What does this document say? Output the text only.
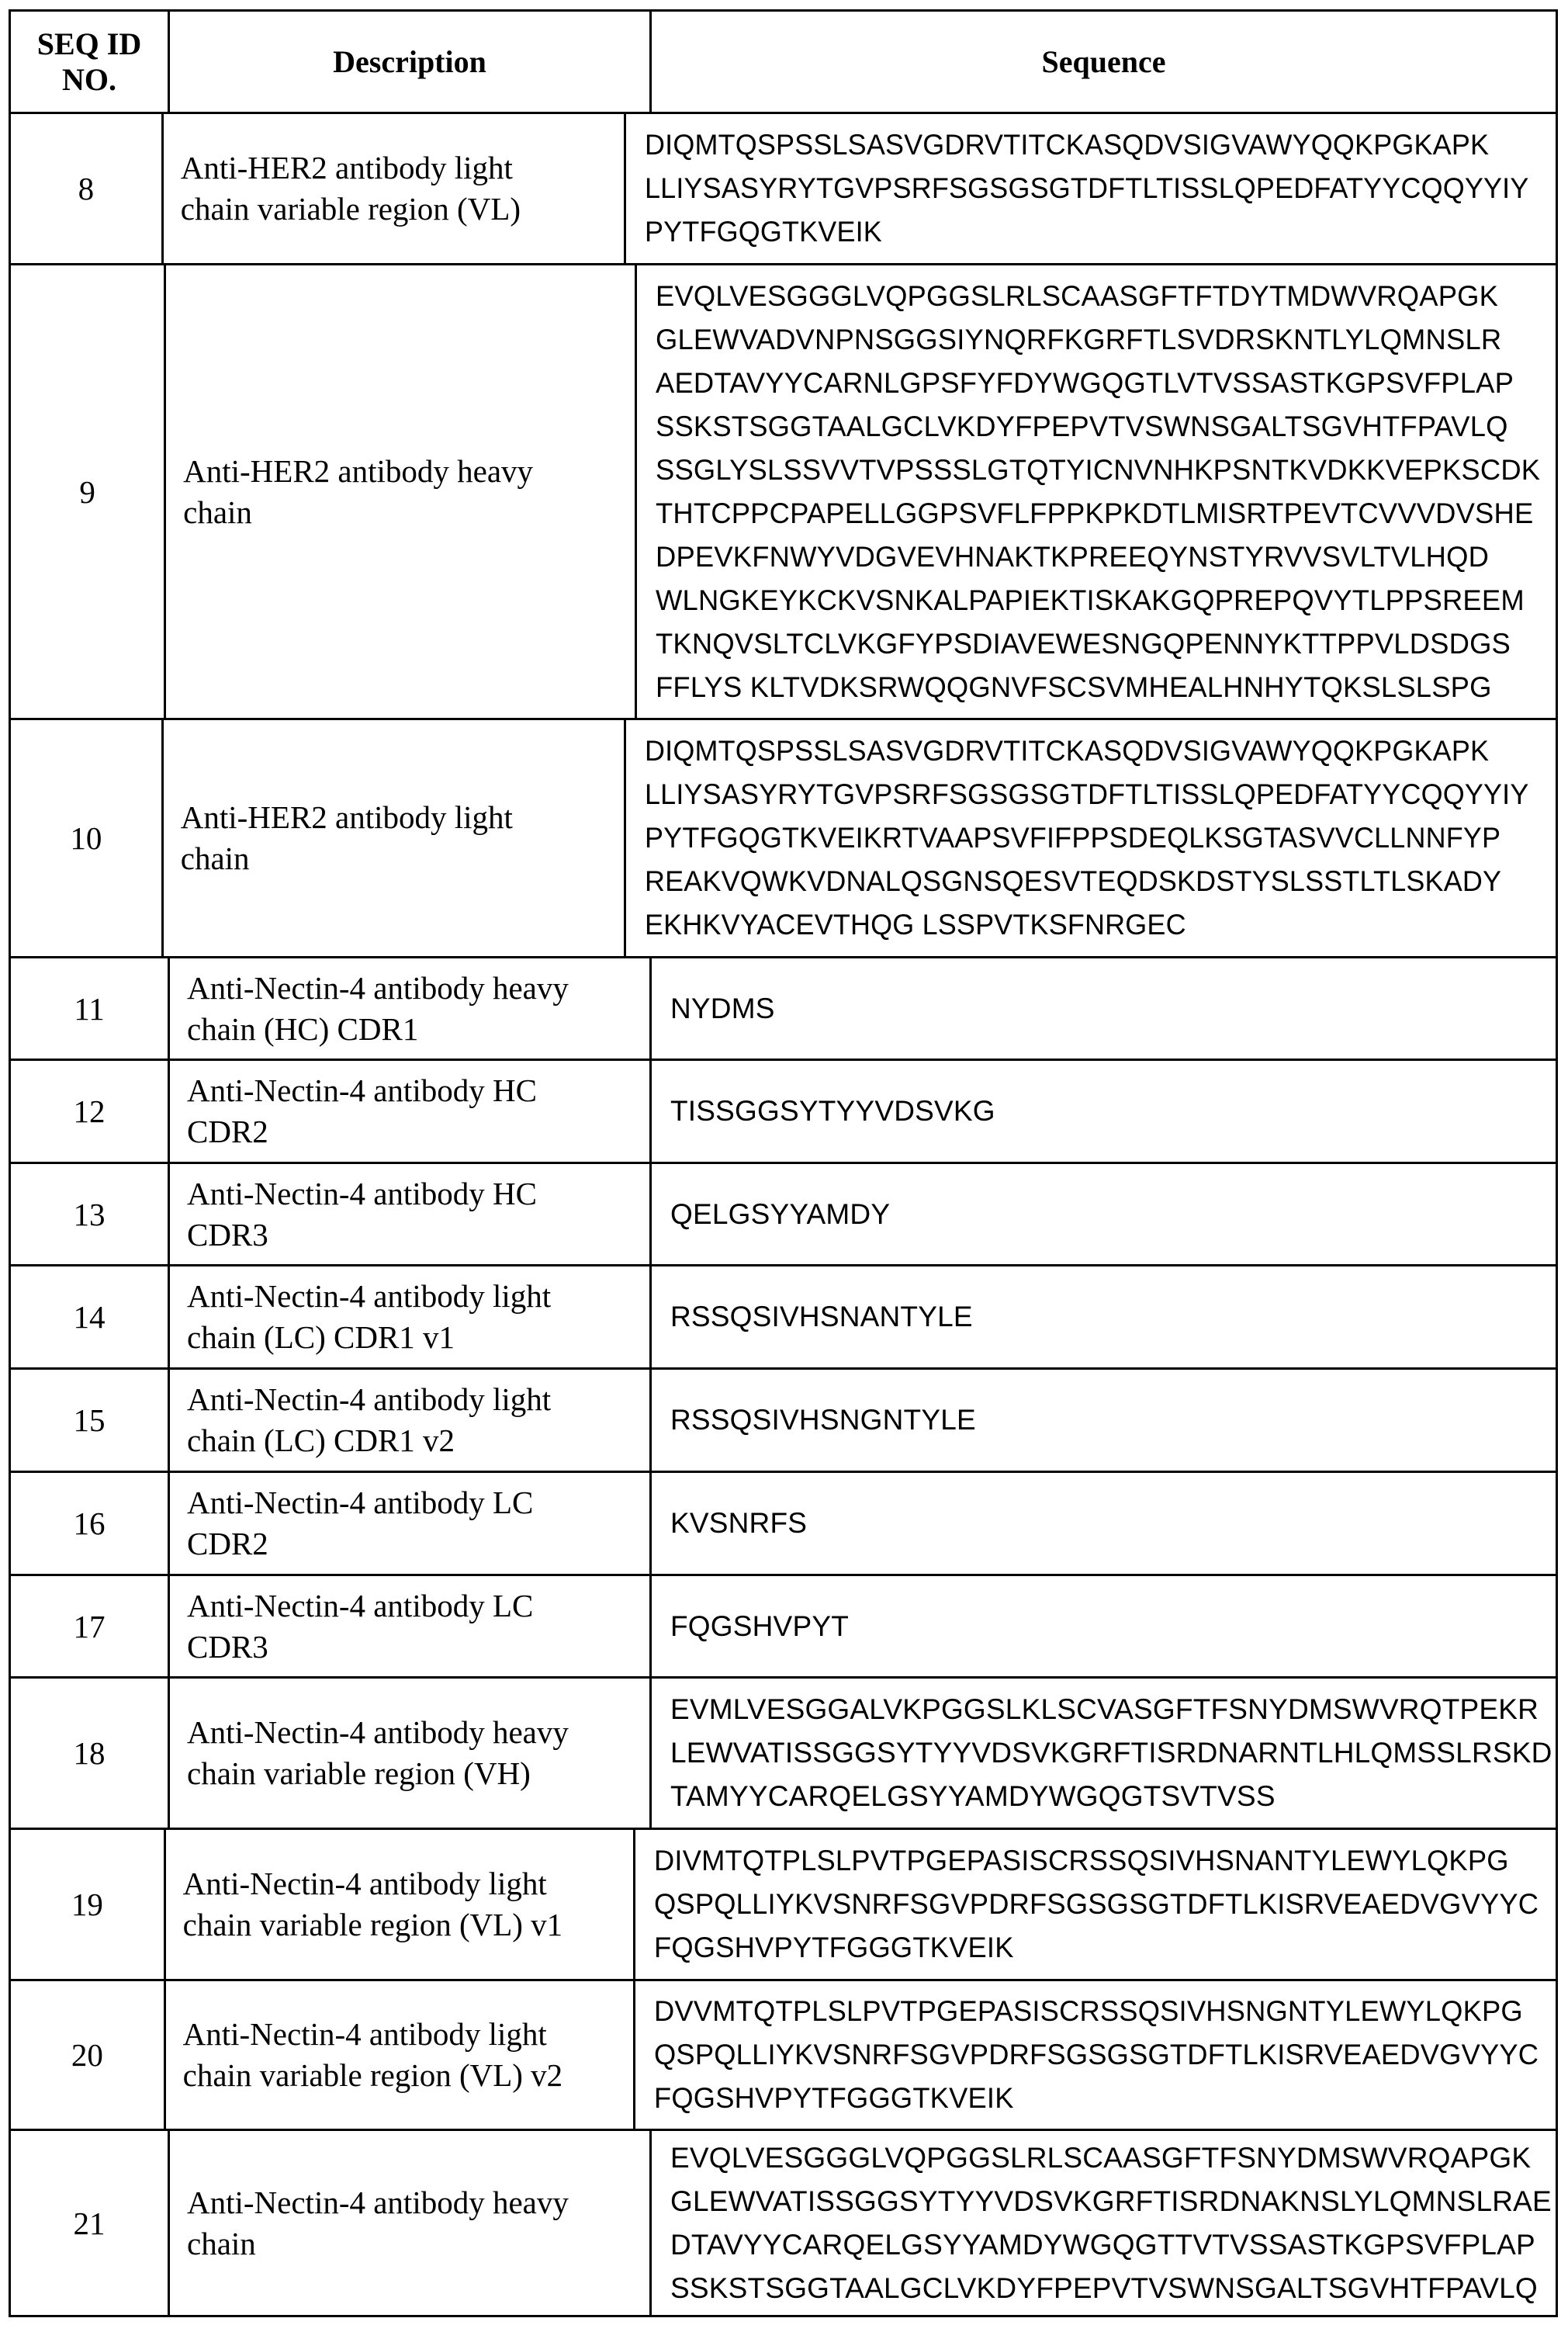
SEQ ID
NO.
Description	Sequence
8
Anti-HER2 antibody light
chain variable region (VL)
DIQMTQSPSSLSASVGDRVTITCKASQDVSIGVAWYQQKPGKAPK
LLIYSASYRYTGVPSRFSGSGSGTDFTLTISSLQPEDFATYYCQQYYIY
PYTFGQGTKVEIK
9
Anti-HER2 antibody heavy
chain
EVQLVESGGGLVQPGGSLRLSCAASGFTFTDYTMDWVRQAPGK
GLEWVADVNPNSGGSIYNQRFKGRFTLSVDRSKNTLYLQMNSLR
AEDTAVYYCARNLGPSFYFDYWGQGTLVTVSSASTKGPSVFPLAP
SSKSTSGGTAALGCLVKDYFPEPVTVSWNSGALTSGVHTFPAVLQ
SSGLYSLSSVVTVPSSSLGTQTYICNVNHKPSNTKVDKKVEPKSCDK
THTCPPCPAPELLGGPSVFLFPPKPKDTLMISRTPEVTCVVVDVSHE
DPEVKFNWYVDGVEVHNAKTKPREEQYNSTYRVVSVLTVLHQD
WLNGKEYKCKVSNKALPAPIEKTISKAKGQPREPQVYTLPPSREEM
TKNQVSLTCLVKGFYPSDIAVEWESNGQPENNYKTTPPVLDSDGS
FFLYS KLTVDKSRWQQGNVFSCSVMHEALHNHYTQKSLSLSPG
10
Anti-HER2 antibody light
chain
DIQMTQSPSSLSASVGDRVTITCKASQDVSIGVAWYQQKPGKAPK
LLIYSASYRYTGVPSRFSGSGSGTDFTLTISSLQPEDFATYYCQQYYIY
PYTFGQGTKVEIKRTVAAPSVFIFPPSDEQLKSGTASVVCLLNNFYP
REAKVQWKVDNALQSGNSQESVTEQDSKDSTYSLSSTLTLSKADY
EKHKVYACEVTHQG LSSPVTKSFNRGEC
11
Anti-Nectin-4 antibody heavy
chain (HC) CDR1
NYDMS
12
Anti-Nectin-4 antibody HC
CDR2
TISSGGSYTYYVDSVKG
13
Anti-Nectin-4 antibody HC
CDR3
QELGSYYAMDY
14
Anti-Nectin-4 antibody light
chain (LC) CDR1 v1
RSSQSIVHSNANTYLE
15
Anti-Nectin-4 antibody light
chain (LC) CDR1 v2
RSSQSIVHSNGNTYLE
16
Anti-Nectin-4 antibody LC
CDR2
KVSNRFS
17
Anti-Nectin-4 antibody LC
CDR3
FQGSHVPYT
18
Anti-Nectin-4 antibody heavy
chain variable region (VH)
EVMLVESGGALVKPGGSLKLSCVASGFTFSNYDMSWVRQTPEKR
LEWVATISSGGSYTYYVDSVKGRFTISRDNARNTLHLQMSSLRSKD
TAMYYCARQELGSYYAMDYWGQGTSVTVSS
19
Anti-Nectin-4 antibody light
chain variable region (VL) v1
DIVMTQTPLSLPVTPGEPASISCRSSQSIVHSNANTYLEWYLQKPG
QSPQLLIYKVSNRFSGVPDRFSGSGSGTDFTLKISRVEAEDVGVYYC
FQGSHVPYTFGGGTKVEIK
20
Anti-Nectin-4 antibody light
chain variable region (VL) v2
DVVMTQTPLSLPVTPGEPASISCRSSQSIVHSNGNTYLEWYLQKPG
QSPQLLIYKVSNRFSGVPDRFSGSGSGTDFTLKISRVEAEDVGVYYC
FQGSHVPYTFGGGTKVEIK
21
Anti-Nectin-4 antibody heavy
chain
EVQLVESGGGLVQPGGSLRLSCAASGFTFSNYDMSWVRQAPGK
GLEWVATISSGGSYTYYVDSVKGRFTISRDNAKNSLYLQMNSLRAE
DTAVYYCARQELGSYYAMDYWGQGTTVTVSSASTKGPSVFPLAP
SSKSTSGGTAALGCLVKDYFPEPVTVSWNSGALTSGVHTFPAVLQ
